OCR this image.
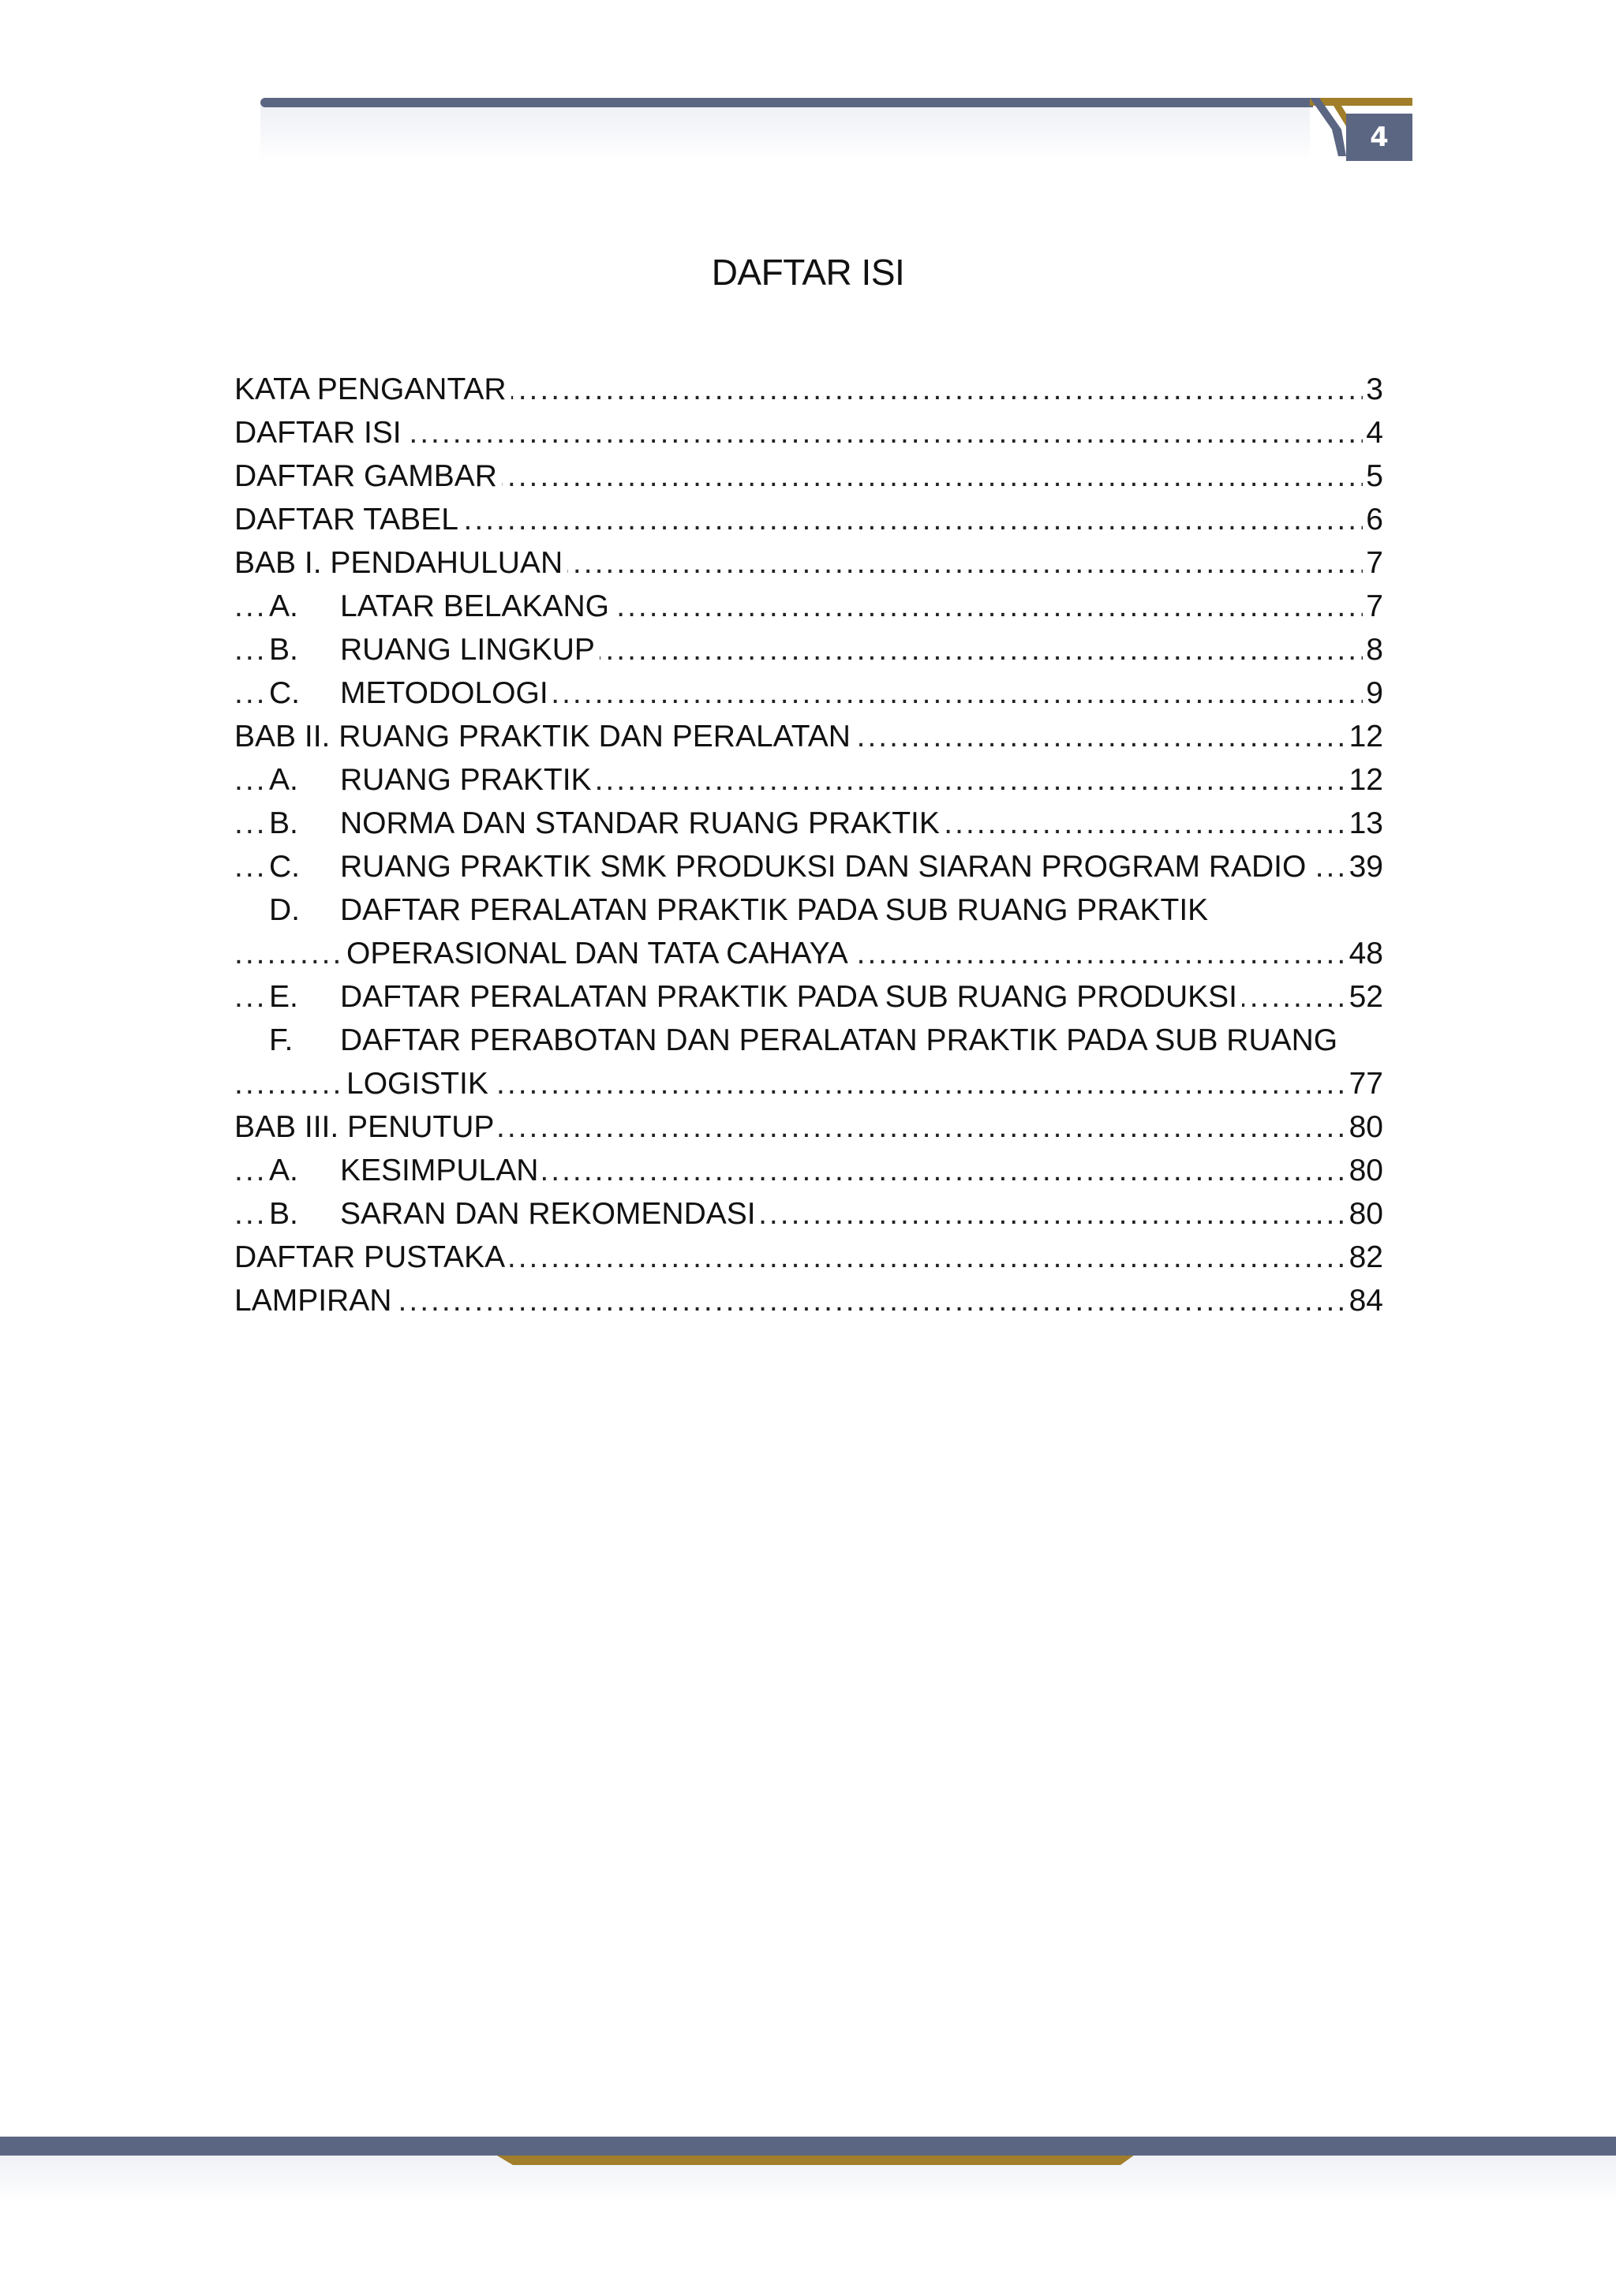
4
DAFTAR ISI
.....
KATA PENGANTAR	3
.....
DAFTAR ISI	4
.....
DAFTAR GAMBAR	5
.....
DAFTAR TABEL	6
.....
BAB I. PENDAHULUAN	7
.....
A. LATAR BELAKANG	7
.....
B. RUANG LINGKUP	8
.....
C. METODOLOGI	9
.....
BAB II. RUANG PRAKTIK DAN PERALATAN	12
.....
A. RUANG PRAKTIK	12
.....
B. NORMA DAN STANDAR RUANG PRAKTIK	13
.....
C. RUANG PRAKTIK SMK PRODUKSI DAN SIARAN PROGRAM RADIO 39
D. DAFTAR PERALATAN PRAKTIK PADA SUB RUANG PRAKTIK
.....
OPERASIONAL DAN TATA CAHAYA	48
.....
E. DAFTAR PERALATAN PRAKTIK PADA SUB RUANG PRODUKSI	52
F. DAFTAR PERABOTAN DAN PERALATAN PRAKTIK PADA SUB RUANG
.....
LOGISTIK	77
.....
BAB III. PENUTUP	80
.....
A. KESIMPULAN	80
.....
B. SARAN DAN REKOMENDASI	80
.....
DAFTAR PUSTAKA	82
.....
LAMPIRAN	84
